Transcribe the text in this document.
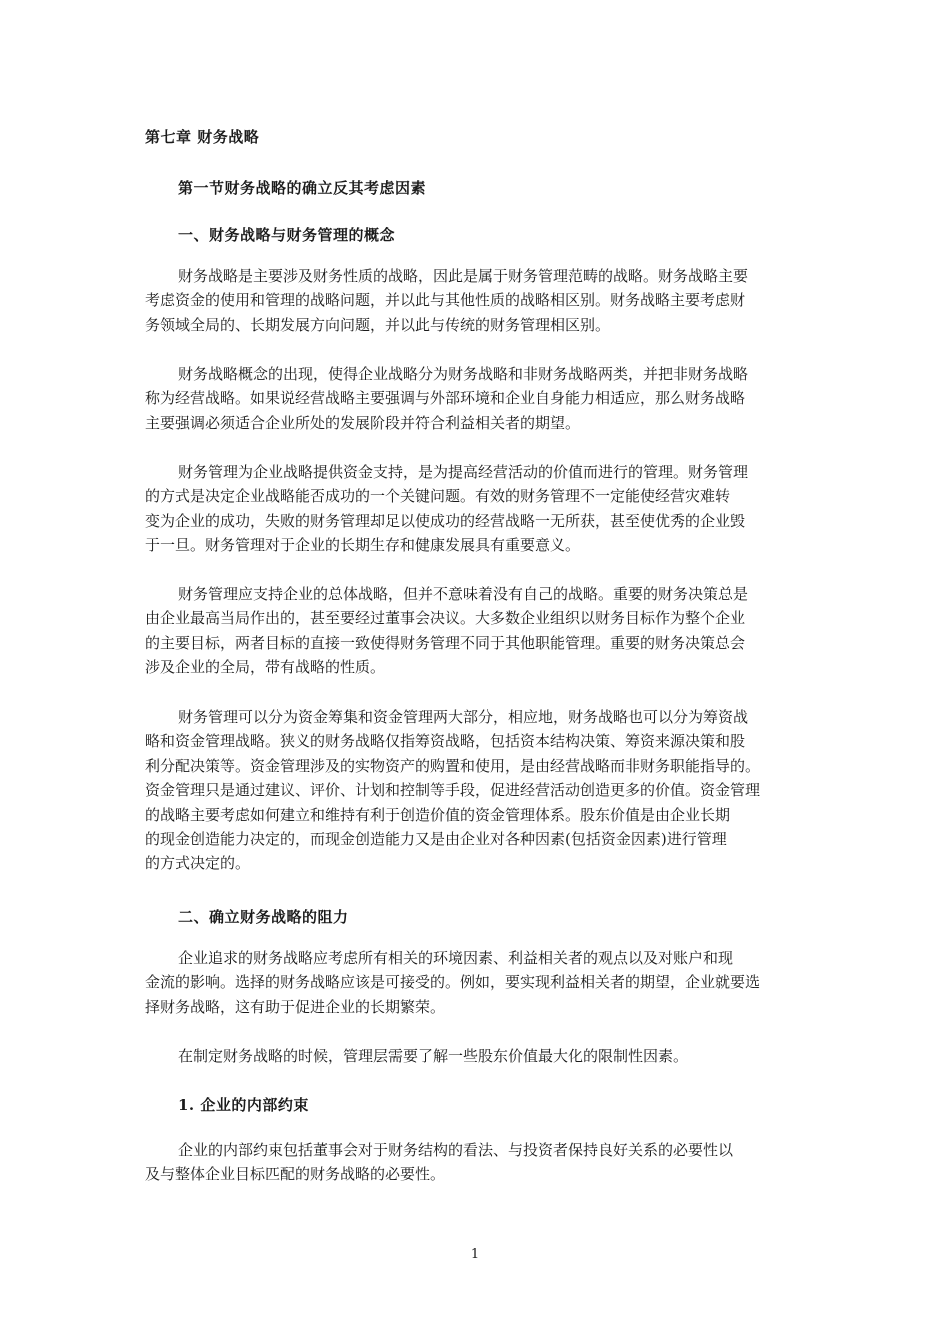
第七章 财务战略
第一节财务战略的确立反其考虑因素
一、财务战略与财务管理的概念
财务战略是主要涉及财务性质的战略，因此是属于财务管理范畴的战略。财务战略主要
考虑资金的使用和管理的战略问题，并以此与其他性质的战略相区别。财务战略主要考虑财
务领域全局的、长期发展方向问题，并以此与传统的财务管理相区别。
财务战略概念的出现，使得企业战略分为财务战略和非财务战略两类，并把非财务战略
称为经营战略。如果说经营战略主要强调与外部环境和企业自身能力相适应，那么财务战略
主要强调必须适合企业所处的发展阶段并符合利益相关者的期望。
财务管理为企业战略提供资金支持，是为提高经营活动的价值而进行的管理。财务管理
的方式是决定企业战略能否成功的一个关键问题。有效的财务管理不一定能使经营灾难转
变为企业的成功，失败的财务管理却足以使成功的经营战略一无所获，甚至使优秀的企业毁
于一旦。财务管理对于企业的长期生存和健康发展具有重要意义。
财务管理应支持企业的总体战略，但并不意味着没有自己的战略。重要的财务决策总是
由企业最高当局作出的，甚至要经过董事会决议。大多数企业组织以财务目标作为整个企业
的主要目标，两者目标的直接一致使得财务管理不同于其他职能管理。重要的财务决策总会
涉及企业的全局，带有战略的性质。
财务管理可以分为资金筹集和资金管理两大部分，相应地，财务战略也可以分为筹资战
略和资金管理战略。狭义的财务战略仅指筹资战略，包括资本结构决策、筹资来源决策和股
利分配决策等。资金管理涉及的实物资产的购置和使用，是由经营战略而非财务职能指导的。
资金管理只是通过建议、评价、计划和控制等手段，促进经营活动创造更多的价值。资金管理
的战略主要考虑如何建立和维持有利于创造价值的资金管理体系。股东价值是由企业长期
的现金创造能力决定的，而现金创造能力又是由企业对各种因素(包括资金因素)进行管理
的方式决定的。
二、确立财务战略的阻力
企业追求的财务战略应考虑所有相关的环境因素、利益相关者的观点以及对账户和现
金流的影响。选择的财务战略应该是可接受的。例如，要实现利益相关者的期望，企业就要选
择财务战略，这有助于促进企业的长期繁荣。
在制定财务战略的时候，管理层需要了解一些股东价值最大化的限制性因素。
1. 企业的内部约束
企业的内部约束包括董事会对于财务结构的看法、与投资者保持良好关系的必要性以
及与整体企业目标匹配的财务战略的必要性。
1
